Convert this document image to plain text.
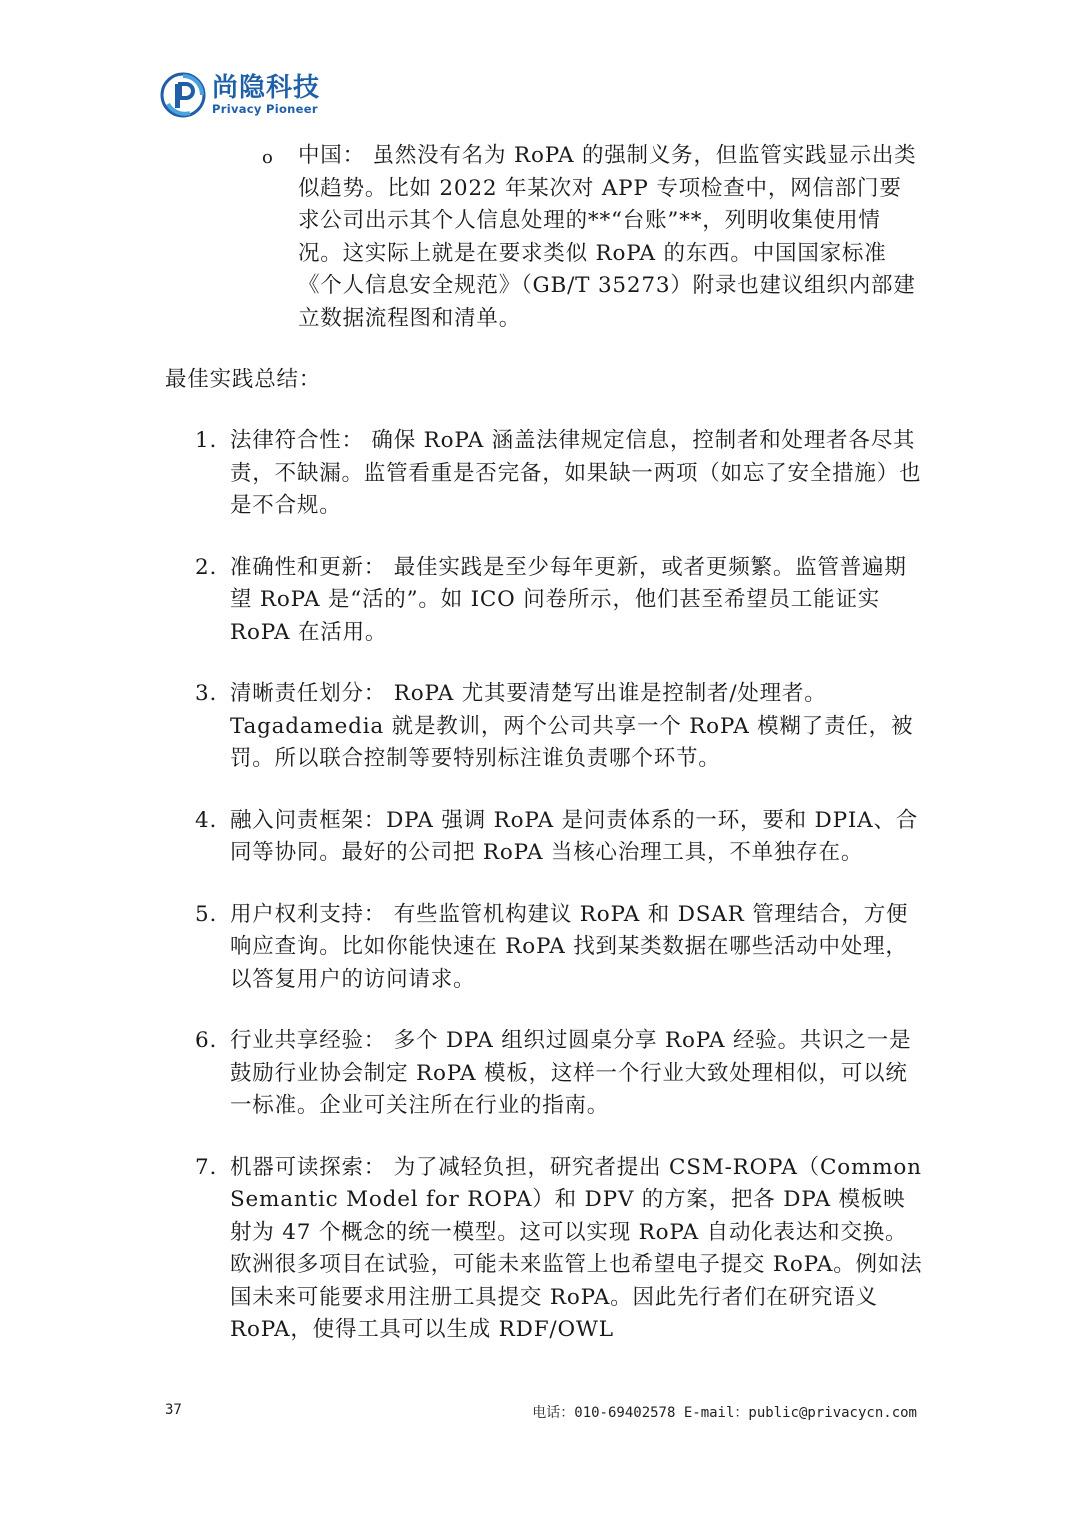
尚隐科技
Privacy Pioneer
o 中国： 虽然没有名为 RoPA 的强制义务，但监管实践显示出类似趋势。比如 2022 年某次对 APP 专项检查中，网信部门要求公司出示其个人信息处理的**“台账”**，列明收集使用情况。这实际上就是在要求类似 RoPA 的东西。中国国家标准《个人信息安全规范》（GB/T 35273）附录也建议组织内部建立数据流程图和清单。

最佳实践总结：

1. 法律符合性： 确保 RoPA 涵盖法律规定信息，控制者和处理者各尽其责，不缺漏。监管看重是否完备，如果缺一两项（如忘了安全措施）也是不合规。
2. 准确性和更新： 最佳实践是至少每年更新，或者更频繁。监管普遍期望 RoPA 是“活的”。如 ICO 问卷所示，他们甚至希望员工能证实 RoPA 在活用。
3. 清晰责任划分： RoPA 尤其要清楚写出谁是控制者/处理者。Tagadamedia 就是教训，两个公司共享一个 RoPA 模糊了责任，被罚。所以联合控制等要特别标注谁负责哪个环节。
4. 融入问责框架：DPA 强调 RoPA 是问责体系的一环，要和 DPIA、合同等协同。最好的公司把 RoPA 当核心治理工具，不单独存在。
5. 用户权利支持： 有些监管机构建议 RoPA 和 DSAR 管理结合，方便响应查询。比如你能快速在 RoPA 找到某类数据在哪些活动中处理，以答复用户的访问请求。
6. 行业共享经验： 多个 DPA 组织过圆桌分享 RoPA 经验。共识之一是鼓励行业协会制定 RoPA 模板，这样一个行业大致处理相似，可以统一标准。企业可关注所在行业的指南。
7. 机器可读探索： 为了减轻负担，研究者提出 CSM-ROPA（Common Semantic Model for ROPA）和 DPV 的方案，把各 DPA 模板映射为 47 个概念的统一模型。这可以实现 RoPA 自动化表达和交换。欧洲很多项目在试验，可能未来监管上也希望电子提交 RoPA。例如法国未来可能要求用注册工具提交 RoPA。因此先行者们在研究语义 RoPA，使得工具可以生成 RDF/OWL
37	电话：010-69402578 E-mail：public@privacycn.com
